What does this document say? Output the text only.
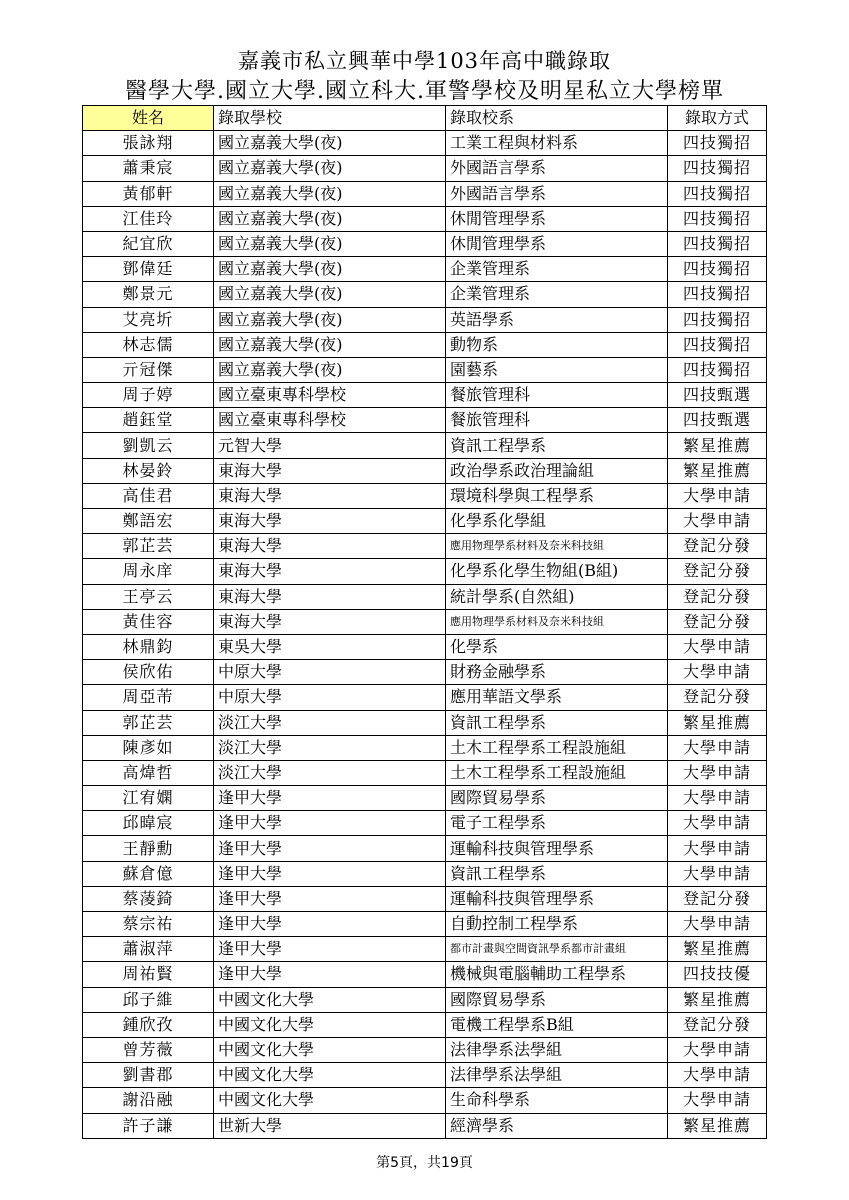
嘉義市私立興華中學103年高中職錄取
醫學大學.國立大學.國立科大.軍警學校及明星私立大學榜單
姓名	錄取學校	錄取校系	錄取方式
張詠翔	國立嘉義大學(夜)	工業工程與材料系	四技獨招
蕭秉宸	國立嘉義大學(夜)	外國語言學系	四技獨招
黃郁軒	國立嘉義大學(夜)	外國語言學系	四技獨招
江佳玲	國立嘉義大學(夜)	休閒管理學系	四技獨招
紀宜欣	國立嘉義大學(夜)	休閒管理學系	四技獨招
鄧偉廷	國立嘉義大學(夜)	企業管理系	四技獨招
鄭景元	國立嘉義大學(夜)	企業管理系	四技獨招
艾亮圻	國立嘉義大學(夜)	英語學系	四技獨招
林志儒	國立嘉義大學(夜)	動物系	四技獨招
亓冠傑	國立嘉義大學(夜)	園藝系	四技獨招
周子婷	國立臺東專科學校	餐旅管理科	四技甄選
趙鈺堂	國立臺東專科學校	餐旅管理科	四技甄選
劉凱云	元智大學	資訊工程學系	繁星推薦
林晏鈴	東海大學	政治學系政治理論組	繁星推薦
高佳君	東海大學	環境科學與工程學系	大學申請
鄭語宏	東海大學	化學系化學組	大學申請
郭芷芸	東海大學	應用物理學系材料及奈米科技組	登記分發
周永庠	東海大學	化學系化學生物組(B組)	登記分發
王亭云	東海大學	統計學系(自然組)	登記分發
黃佳容	東海大學	應用物理學系材料及奈米科技組	登記分發
林鼎鈞	東吳大學	化學系	大學申請
侯欣佑	中原大學	財務金融學系	大學申請
周亞芾	中原大學	應用華語文學系	登記分發
郭芷芸	淡江大學	資訊工程學系	繁星推薦
陳彥如	淡江大學	土木工程學系工程設施組	大學申請
高煒哲	淡江大學	土木工程學系工程設施組	大學申請
江宥嫻	逢甲大學	國際貿易學系	大學申請
邱暐宸	逢甲大學	電子工程學系	大學申請
王靜勳	逢甲大學	運輸科技與管理學系	大學申請
蘇倉億	逢甲大學	資訊工程學系	大學申請
蔡蓤錡	逢甲大學	運輸科技與管理學系	登記分發
蔡宗祐	逢甲大學	自動控制工程學系	大學申請
蕭淑萍	逢甲大學	都市計畫與空間資訊學系都市計畫組	繁星推薦
周祐賢	逢甲大學	機械與電腦輔助工程學系	四技技優
邱子維	中國文化大學	國際貿易學系	繁星推薦
鍾欣孜	中國文化大學	電機工程學系B組	登記分發
曾芳薇	中國文化大學	法律學系法學組	大學申請
劉書郡	中國文化大學	法律學系法學組	大學申請
謝沿融	中國文化大學	生命科學系	大學申請
許子謙	世新大學	經濟學系	繁星推薦
第5頁，共19頁
